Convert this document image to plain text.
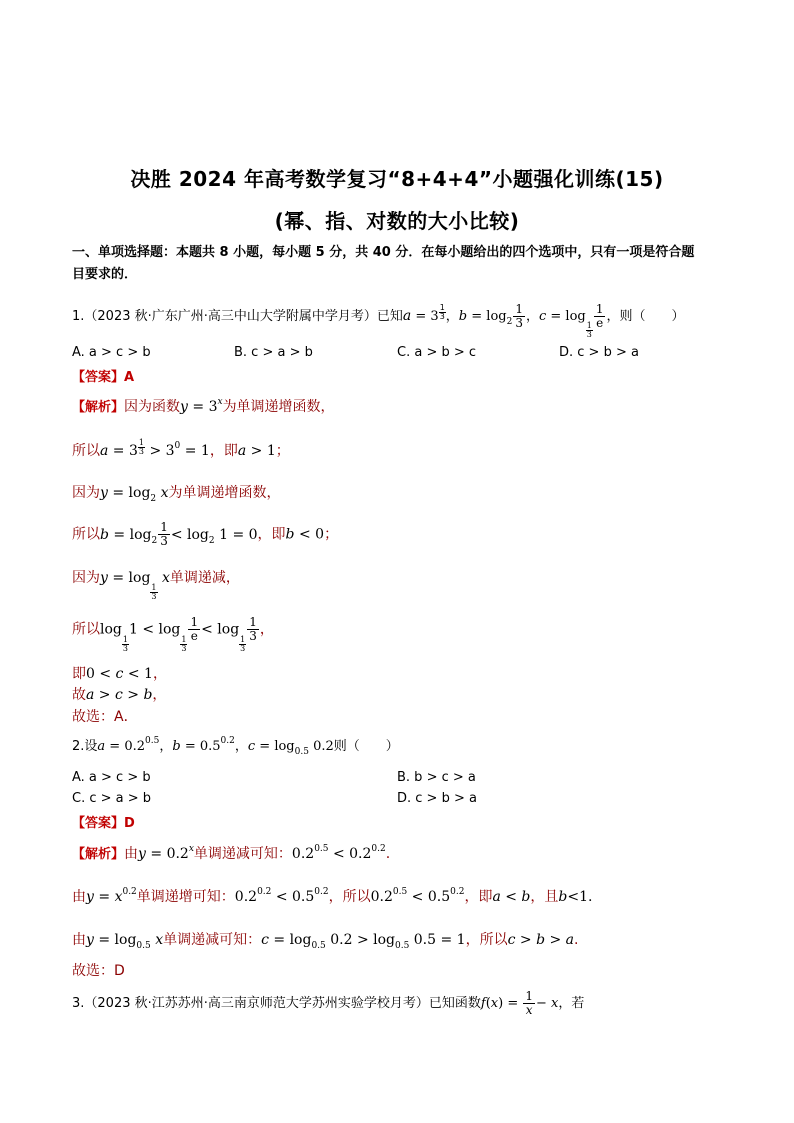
决胜 2024 年高考数学复习“8+4+4”小题强化训练(15)
(幂、指、对数的大小比较)
一、单项选择题：本题共 8 小题，每小题 5 分，共 40 分．在每小题给出的四个选项中，只有一项是符合题
目要求的．
1.（2023 秋·广东广州·高三中山大学附属中学月考）已知$a = 3 \frac{1}{3}$ ，$b = \log_2 \frac{1}{3}$ ，c = log
$\frac{1}{3}$
$\frac{1}{e}$ ，则（　　）
A. a > c > b	B. c > a > b	C. a > b > c	D. c > b > a
【答案】A
【解析】因为函数$y = 3^x$为单调递增函数，
所以$a = 3 \frac{1}{3} > 3^0 = 1$，即a > 1；
因为$y = \log_2 x$为单调递增函数，
所以$b = \log_2 \frac{1}{3} < \log_2 1 = 0$，即b < 0；
因为y = log
$\frac{1}{3}$
x单调递减，
所以log
$\frac{1}{3}$
1 < log
$\frac{1}{3}$
$\frac{1}{e} < \log$
$\frac{1}{3}$
$\frac{1}{3}$ ，
即0 < c < 1，
故a > c > b，
故选：A．
2.设$a = 0.2^{0.5}$，$b = 0.5^{0.2}$，$c = \log_{0.5} 0.2$则（　　）
A. a > c > b	B. b > c > a
C. c > a > b	D. c > b > a
【答案】D
【解析】由$y = 0.2^x$单调递减可知：$0.2^{0.5} < 0.2^{0.2}$.
由$y = x^{0.2}$单调递增可知：$0.2^{0.2} < 0.5^{0.2}$，所以$0.2^{0.5} < 0.5^{0.2}$，即a < b，且b<1.
由$y = \log_{0.5} x$单调递减可知：$c = \log_{0.5} 0.2 > \log_{0.5} 0.5 = 1$，所以c > b > a.
故选：D
3.（2023 秋·江苏苏州·高三南京师范大学苏州实验学校月考）已知函数$f(x) = \frac{1}{x} - x$，若
